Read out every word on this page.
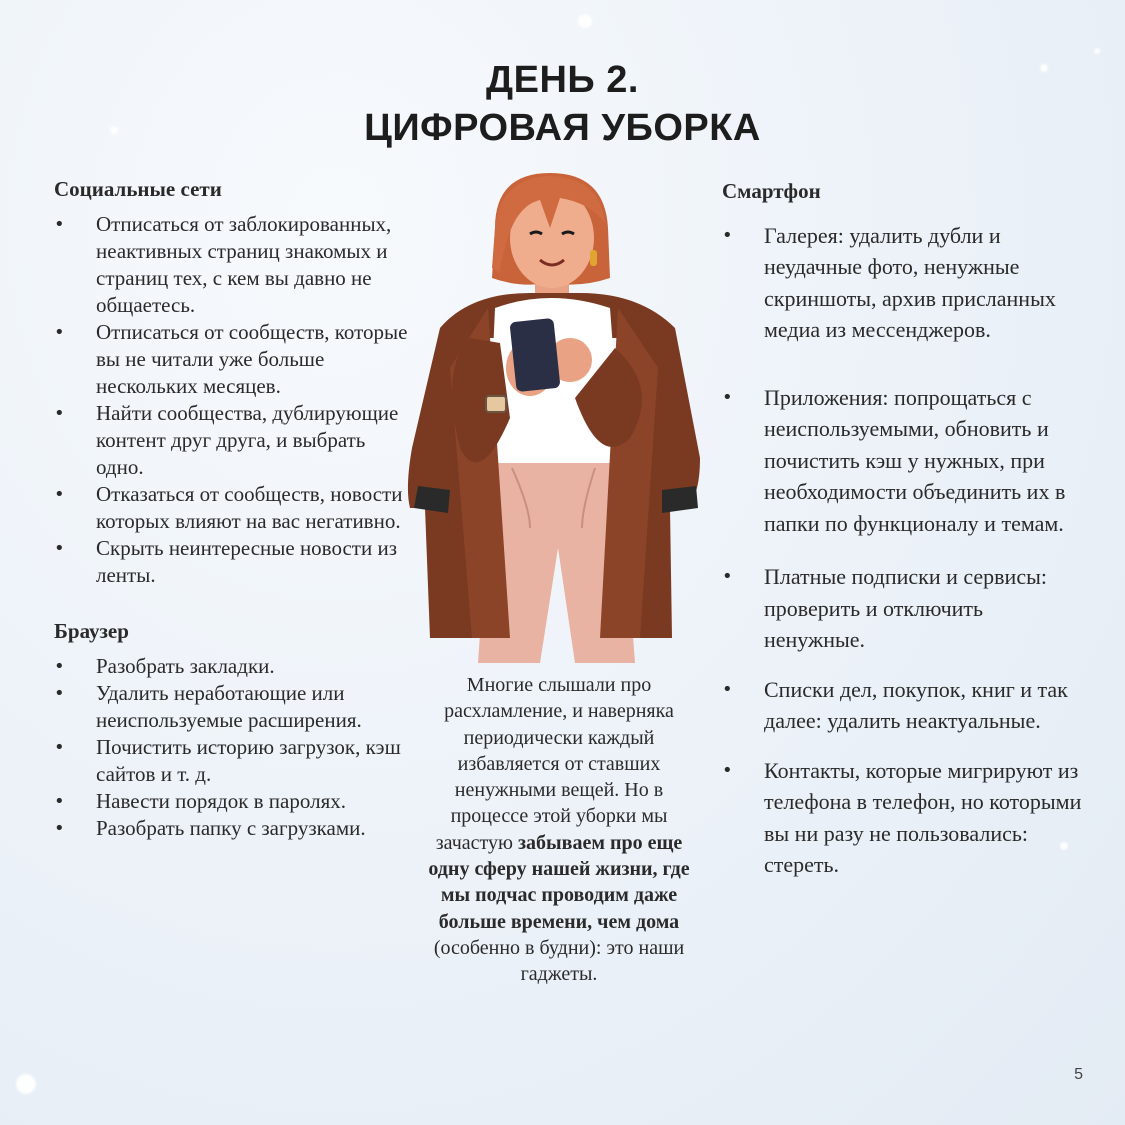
ДЕНЬ 2.
ЦИФРОВАЯ УБОРКА
Социальные сети
• Отписаться от заблокированных, неактивных страниц знакомых и страниц тех, с кем вы давно не общаетесь.
• Отписаться от сообществ, которые вы не читали уже больше нескольких месяцев.
• Найти сообщества, дублирующие контент друг друга, и выбрать одно.
• Отказаться от сообществ, новости которых влияют на вас негативно.
• Скрыть неинтересные новости из ленты.
Браузер
• Разобрать закладки.
• Удалить неработающие или неиспользуемые расширения.
• Почистить историю загрузок, кэш сайтов и т. д.
• Навести порядок в паролях.
• Разобрать папку с загрузками.
Многие слышали про расхламление, и наверняка периодически каждый избавляется от ставших ненужными вещей. Но в процессе этой уборки мы зачастую забываем про еще одну сферу нашей жизни, где мы подчас проводим даже больше времени, чем дома (особенно в будни): это наши гаджеты.
Смартфон
• Галерея: удалить дубли и неудачные фото, ненужные скриншоты, архив присланных медиа из мессенджеров.
• Приложения: попрощаться с неиспользуемыми, обновить и почистить кэш у нужных, при необходимости объединить их в папки по функционалу и темам.
• Платные подписки и сервисы: проверить и отключить ненужные.
• Списки дел, покупок, книг и так далее: удалить неактуальные.
• Контакты, которые мигрируют из телефона в телефон, но которыми вы ни разу не пользовались: стереть.
5
